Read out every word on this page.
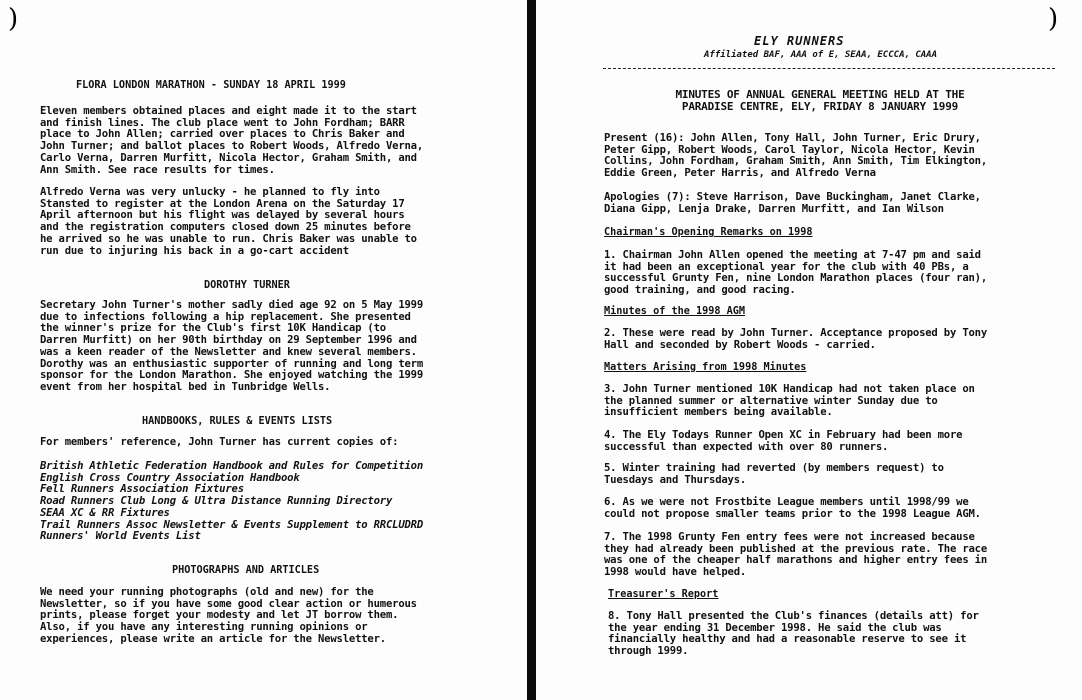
)	)
FLORA LONDON MARATHON - SUNDAY 18 APRIL 1999
Eleven members obtained places and eight made it to the start
and finish lines. The club place went to John Fordham; BARR
place to John Allen; carried over places to Chris Baker and
John Turner; and ballot places to Robert Woods, Alfredo Verna,
Carlo Verna, Darren Murfitt, Nicola Hector, Graham Smith, and
Ann Smith. See race results for times.
Alfredo Verna was very unlucky - he planned to fly into
Stansted to register at the London Arena on the Saturday 17
April afternoon but his flight was delayed by several hours
and the registration computers closed down 25 minutes before
he arrived so he was unable to run. Chris Baker was unable to
run due to injuring his back in a go-cart accident
DOROTHY TURNER
Secretary John Turner's mother sadly died age 92 on 5 May 1999
due to infections following a hip replacement. She presented
the winner's prize for the Club's first 10K Handicap (to
Darren Murfitt) on her 90th birthday on 29 September 1996 and
was a keen reader of the Newsletter and knew several members.
Dorothy was an enthusiastic supporter of running and long term
sponsor for the London Marathon. She enjoyed watching the 1999
event from her hospital bed in Tunbridge Wells.
HANDBOOKS, RULES & EVENTS LISTS
For members' reference, John Turner has current copies of:
British Athletic Federation Handbook and Rules for Competition
English Cross Country Association Handbook
Fell Runners Association Fixtures
Road Runners Club Long & Ultra Distance Running Directory
SEAA XC & RR Fixtures
Trail Runners Assoc Newsletter & Events Supplement to RRCLUDRD
Runners' World Events List
PHOTOGRAPHS AND ARTICLES
We need your running photographs (old and new) for the
Newsletter, so if you have some good clear action or humerous
prints, please forget your modesty and let JT borrow them.
Also, if you have any interesting running opinions or
experiences, please write an article for the Newsletter.
ELY RUNNERS
Affiliated BAF, AAA of E, SEAA, ECCCA, CAAA
MINUTES OF ANNUAL GENERAL MEETING HELD AT THE
PARADISE CENTRE, ELY, FRIDAY 8 JANUARY 1999
Present (16): John Allen, Tony Hall, John Turner, Eric Drury,
Peter Gipp, Robert Woods, Carol Taylor, Nicola Hector, Kevin
Collins, John Fordham, Graham Smith, Ann Smith, Tim Elkington,
Eddie Green, Peter Harris, and Alfredo Verna
Apologies (7): Steve Harrison, Dave Buckingham, Janet Clarke,
Diana Gipp, Lenja Drake, Darren Murfitt, and Ian Wilson
Chairman's Opening Remarks on 1998
1. Chairman John Allen opened the meeting at 7-47 pm and said
it had been an exceptional year for the club with 40 PBs, a
successful Grunty Fen, nine London Marathon places (four ran),
good training, and good racing.
Minutes of the 1998 AGM
2. These were read by John Turner. Acceptance proposed by Tony
Hall and seconded by Robert Woods - carried.
Matters Arising from 1998 Minutes
3. John Turner mentioned 10K Handicap had not taken place on
the planned summer or alternative winter Sunday due to
insufficient members being available.
4. The Ely Todays Runner Open XC in February had been more
successful than expected with over 80 runners.
5. Winter training had reverted (by members request) to
Tuesdays and Thursdays.
6. As we were not Frostbite League members until 1998/99 we
could not propose smaller teams prior to the 1998 League AGM.
7. The 1998 Grunty Fen entry fees were not increased because
they had already been published at the previous rate. The race
was one of the cheaper half marathons and higher entry fees in
1998 would have helped.
Treasurer's Report
8. Tony Hall presented the Club's finances (details att) for
the year ending 31 December 1998. He said the club was
financially healthy and had a reasonable reserve to see it
through 1999.
